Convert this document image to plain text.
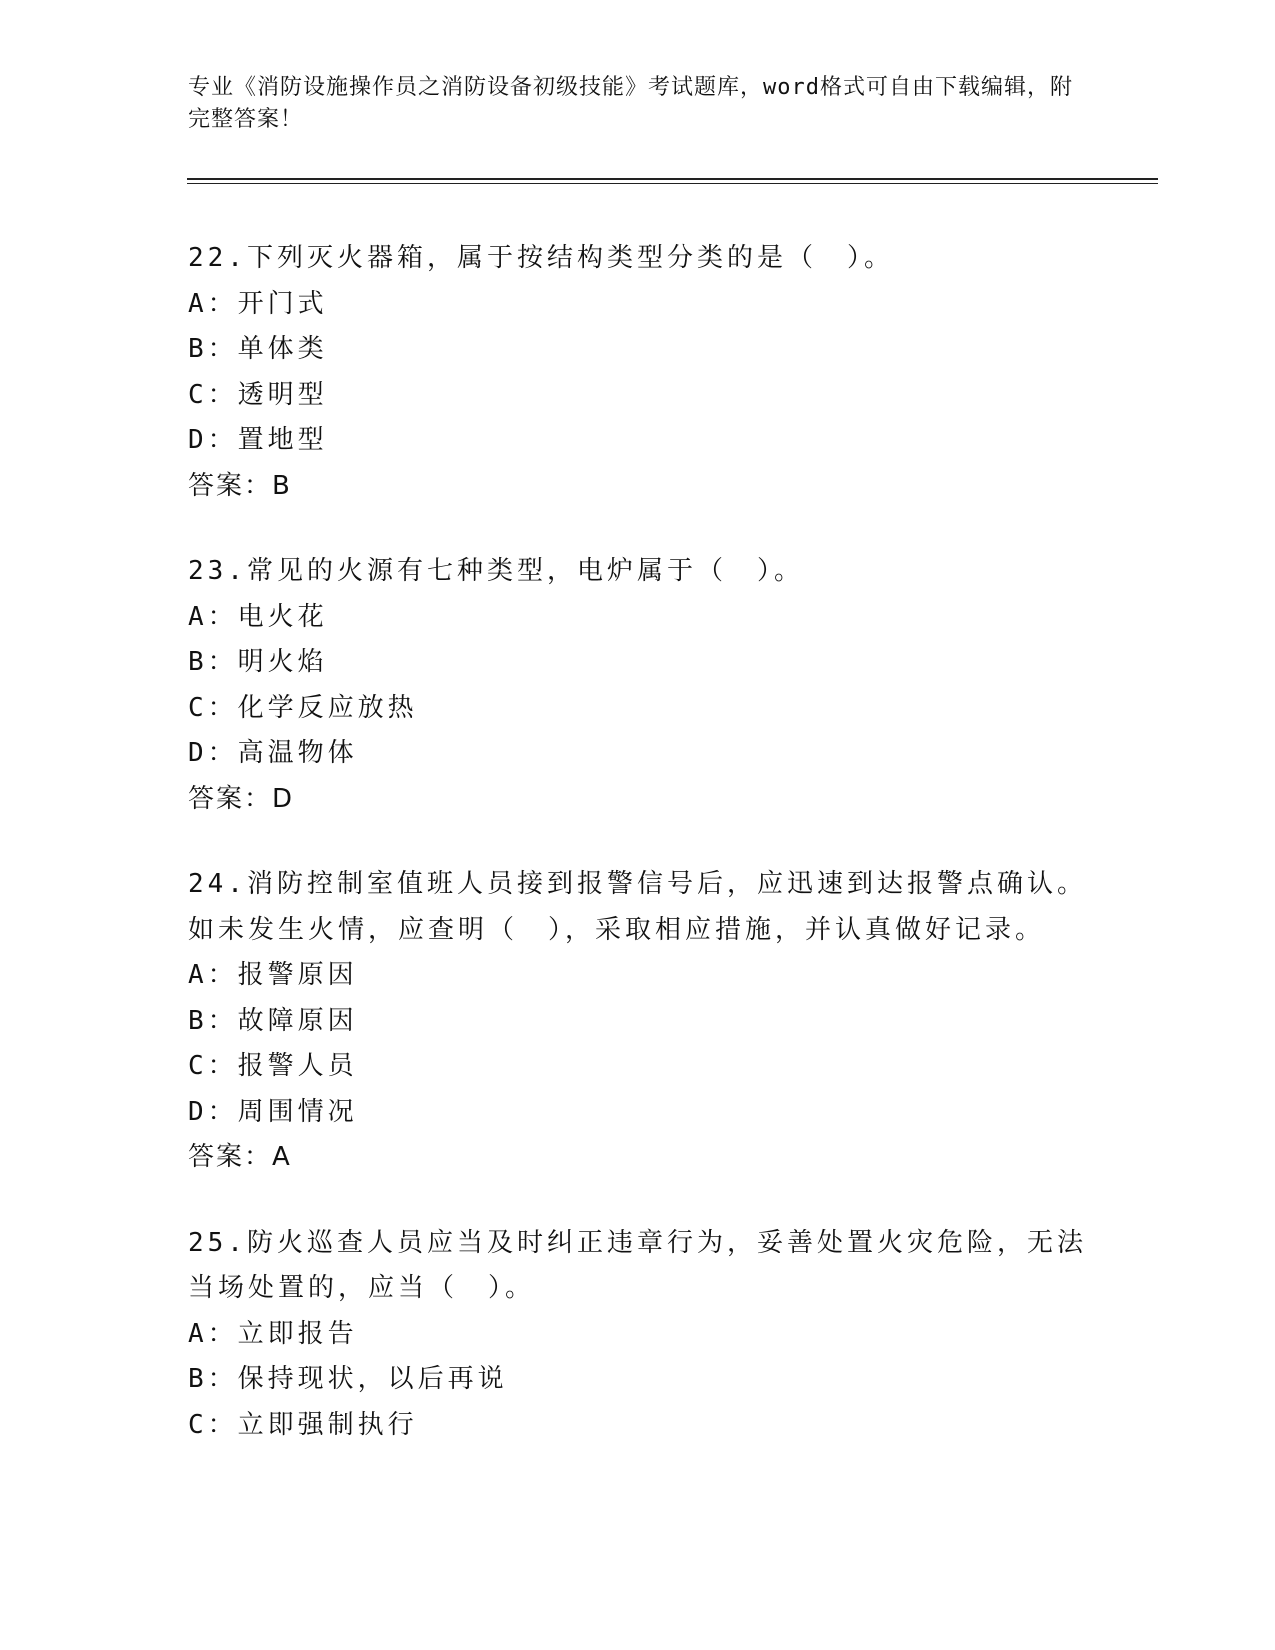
专业《消防设施操作员之消防设备初级技能》考试题库，word格式可自由下载编辑，附完整答案！
22.下列灭火器箱，属于按结构类型分类的是（　）。
A：开门式
B：单体类
C：透明型
D：置地型
答案：B
23.常见的火源有七种类型，电炉属于（　）。
A：电火花
B：明火焰
C：化学反应放热
D：高温物体
答案：D
24.消防控制室值班人员接到报警信号后，应迅速到达报警点确认。如未发生火情，应查明（　），采取相应措施，并认真做好记录。
A：报警原因
B：故障原因
C：报警人员
D：周围情况
答案：A
25.防火巡查人员应当及时纠正违章行为，妥善处置火灾危险，无法当场处置的，应当（　）。
A：立即报告
B：保持现状，以后再说
C：立即强制执行
